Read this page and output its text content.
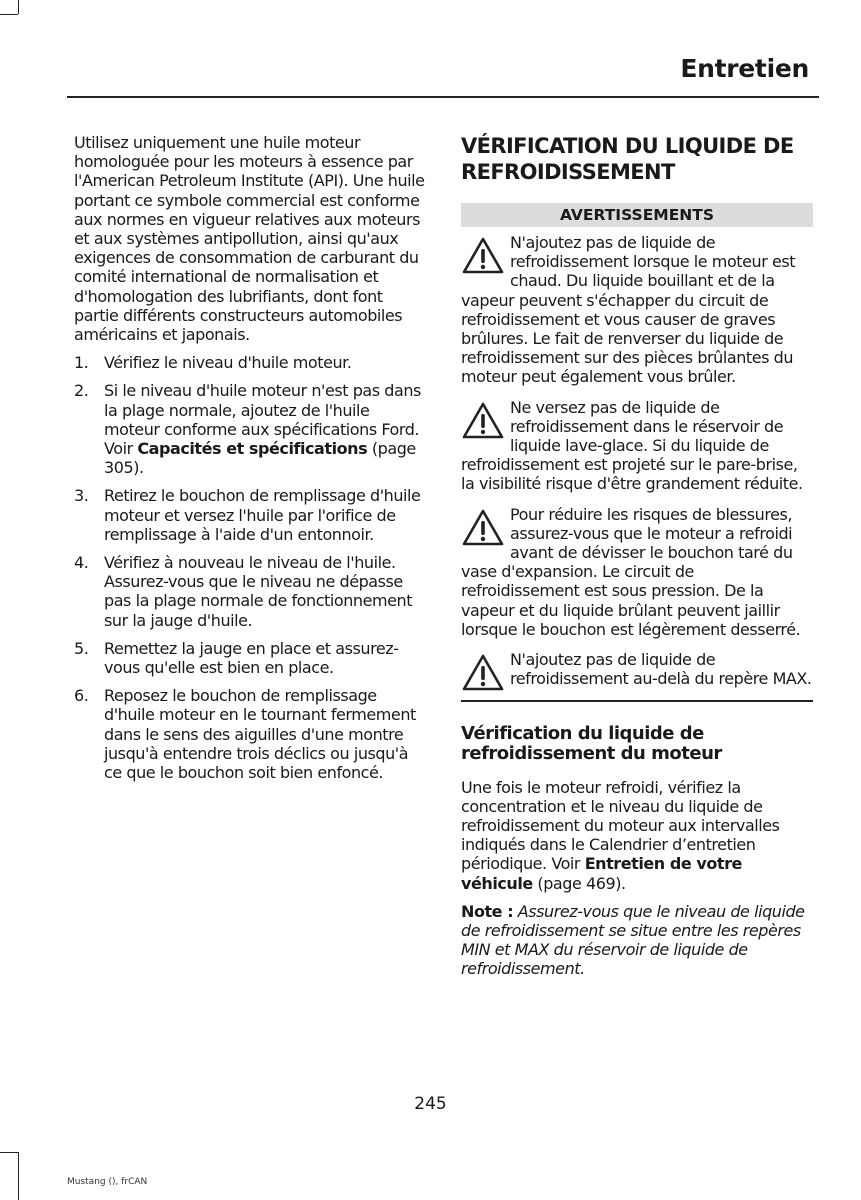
Entretien

Utilisez uniquement une huile moteur homologuée pour les moteurs à essence par l'American Petroleum Institute (API). Une huile portant ce symbole commercial est conforme aux normes en vigueur relatives aux moteurs et aux systèmes antipollution, ainsi qu'aux exigences de consommation de carburant du comité international de normalisation et d'homologation des lubrifiants, dont font partie différents constructeurs automobiles américains et japonais.

1. Vérifiez le niveau d'huile moteur.
2. Si le niveau d'huile moteur n'est pas dans la plage normale, ajoutez de l'huile moteur conforme aux spécifications Ford. Voir Capacités et spécifications (page 305).
3. Retirez le bouchon de remplissage d'huile moteur et versez l'huile par l'orifice de remplissage à l'aide d'un entonnoir.
4. Vérifiez à nouveau le niveau de l'huile. Assurez-vous que le niveau ne dépasse pas la plage normale de fonctionnement sur la jauge d'huile.
5. Remettez la jauge en place et assurez-vous qu'elle est bien en place.
6. Reposez le bouchon de remplissage d'huile moteur en le tournant fermement dans le sens des aiguilles d'une montre jusqu'à entendre trois déclics ou jusqu'à ce que le bouchon soit bien enfoncé.
VÉRIFICATION DU LIQUIDE DE REFROIDISSEMENT
AVERTISSEMENTS
N'ajoutez pas de liquide de refroidissement lorsque le moteur est chaud. Du liquide bouillant et de la vapeur peuvent s'échapper du circuit de refroidissement et vous causer de graves brûlures. Le fait de renverser du liquide de refroidissement sur des pièces brûlantes du moteur peut également vous brûler.
Ne versez pas de liquide de refroidissement dans le réservoir de liquide lave-glace. Si du liquide de refroidissement est projeté sur le pare-brise, la visibilité risque d'être grandement réduite.
Pour réduire les risques de blessures, assurez-vous que le moteur a refroidi avant de dévisser le bouchon taré du vase d'expansion. Le circuit de refroidissement est sous pression. De la vapeur et du liquide brûlant peuvent jaillir lorsque le bouchon est légèrement desserré.
N'ajoutez pas de liquide de refroidissement au-delà du repère MAX.
Vérification du liquide de refroidissement du moteur

Une fois le moteur refroidi, vérifiez la concentration et le niveau du liquide de refroidissement du moteur aux intervalles indiqués dans le Calendrier d’entretien périodique. Voir Entretien de votre véhicule (page 469).

Note : Assurez-vous que le niveau de liquide de refroidissement se situe entre les repères MIN et MAX du réservoir de liquide de refroidissement.

245
Mustang (), frCAN
